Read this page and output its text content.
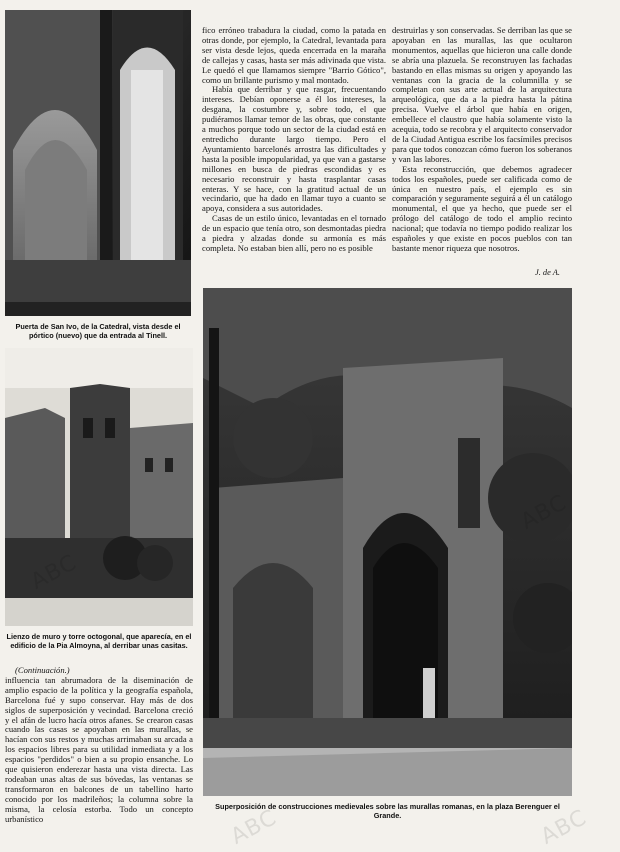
Puerta de San Ivo, de la Catedral, vista desde el pórtico (nuevo) que da entrada al Tinell.
Lienzo de muro y torre octogonal, que aparecía, en el edificio de la Pia Almoyna, al derribar unas casitas.

(Continuación.)

influencia tan abrumadora de la diseminación de amplio espacio de la política y la geografía española, Barcelona fué y supo conservar. Hay más de dos siglos de superposición y vecindad. Barcelona creció y el afán de lucro hacía otros afanes. Se crearon casas cuando las casas se apoyaban en las murallas, se hacían con sus restos y muchas arrimaban su arcada a los espacios libres para su utilidad inmediata y a los espacios "perdidos" o bien a su propio ensanche. Lo que quisieron enderezar hasta una vista directa. Las rodeaban unas altas de sus bóvedas, las ventanas se transformaron en balcones de un tabellino harto conocido por los madrileños; la columna sobre la misma, la celosía estorba. Todo un concepto urbanístico

fico erróneo trabadura la ciudad, como la patada en otras donde, por ejemplo, la Catedral, levantada para ser vista desde lejos, queda encerrada en la maraña de callejas y casas, hasta ser más adivinada que vista. Le quedó el que llamamos siempre "Barrio Gótico", como un brillante purismo y mal montado.

Había que derribar y que rasgar, frecuentando intereses. Debían oponerse a él los intereses, la desgana, la costumbre y, sobre todo, el que pudiéramos llamar temor de las obras, que constante a muchos porque todo un sector de la ciudad está en entredicho durante largo tiempo. Pero el Ayuntamiento barcelonés arrostra las dificultades y hasta la posible impopularidad, ya que van a gastarse millones en busca de piedras escondidas y es necesario reconstruir y hasta trasplantar casas enteras. Y se hace, con la gratitud actual de un vecindario, que ha dado en llamar tuyo a cuanto se apoya, considera a sus autoridades.

Casas de un estilo único, levantadas en el tornado de un espacio que tenía otro, son desmontadas piedra a piedra y alzadas donde su armonía es más completa. No estaban bien allí, pero no es posible

destruirlas y son conservadas. Se derriban las que se apoyaban en las murallas, las que ocultaron monumentos, aquellas que hicieron una calle donde se abría una plazuela. Se reconstruyen las fachadas bastando en ellas mismas su origen y apoyando las ventanas con la gracia de la columnilla y se completan con sus arte actual de la arquitectura arqueológica, que da a la piedra hasta la pátina precisa. Vuelve el árbol que había en origen, embellece el claustro que había solamente visto la acequia, todo se recobra y el arquitecto conservador de la Ciudad Antigua escribe los facsímiles precisos para que todos conozcan cómo fueron los soberanos y van las labores.

Esta reconstrucción, que debemos agradecer todos los españoles, puede ser calificada como de única en nuestro país, el ejemplo es sin comparación y seguramente seguirá a él un catálogo monumental, el que ya hecho, que puede ser el prólogo del catálogo de todo el amplio recinto nacional; que todavía no tiempo podido realizar los españoles y que existe en pocos pueblos con tan bastante menor riqueza que nosotros.

J. de A.
Superposición de construcciones medievales sobre las murallas romanas, en la plaza Berenguer el Grande.
ABC
ABC
ABC	ABC
